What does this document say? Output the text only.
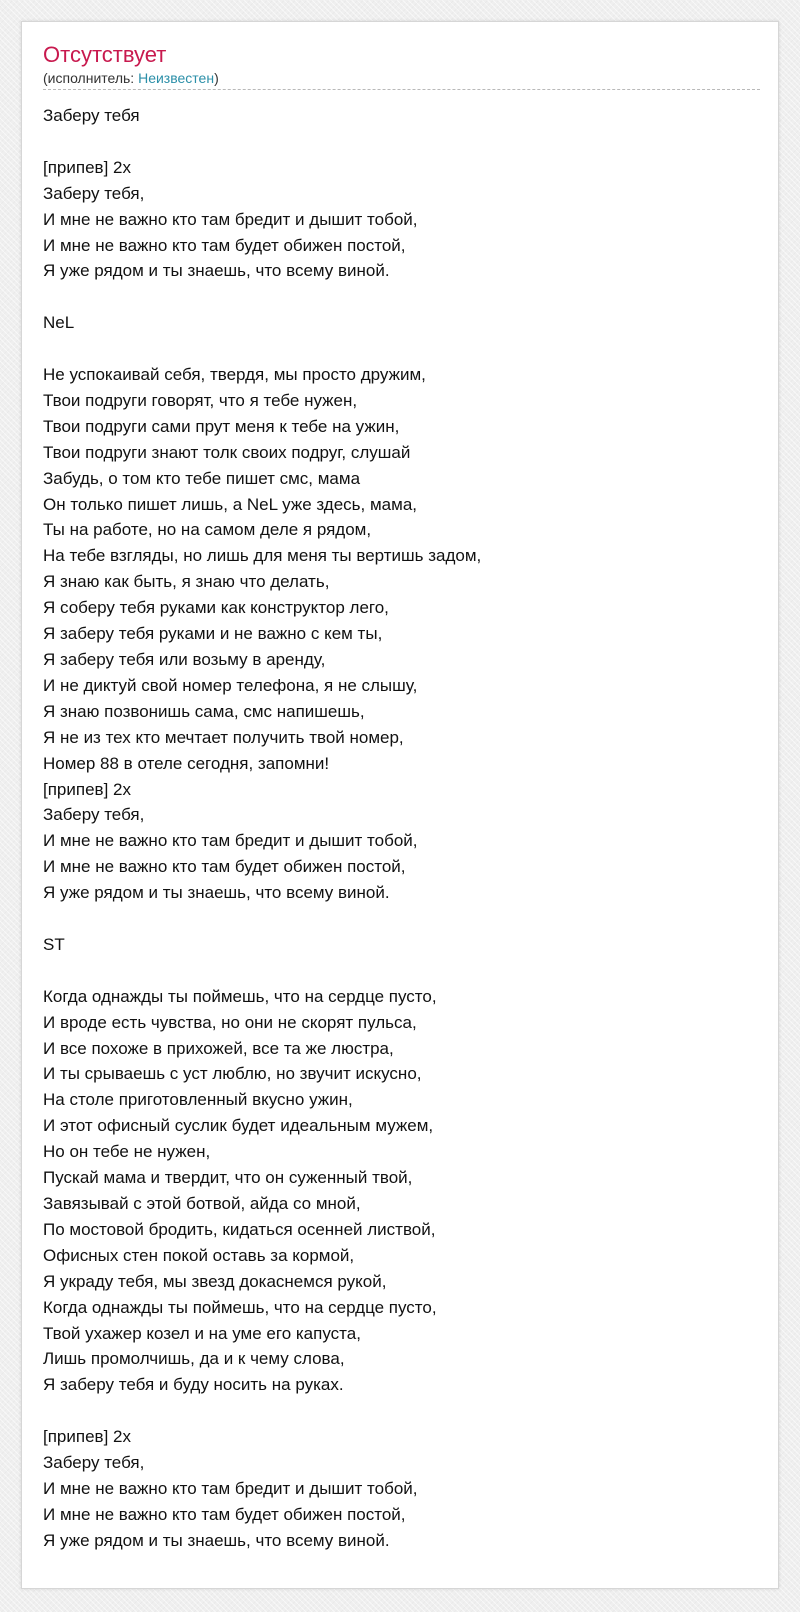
Отсутствует
(исполнитель: Неизвестен)
Заберу тебя
[припев] 2x
Заберу тебя,
И мне не важно кто там бредит и дышит тобой,
И мне не важно кто там будет обижен постой,
Я уже рядом и ты знаешь, что всему виной.
NeL
Не успокаивай себя, твердя, мы просто дружим,
Твои подруги говорят, что я тебе нужен,
Твои подруги сами прут меня к тебе на ужин,
Твои подруги знают толк своих подруг, слушай
Забудь, о том кто тебе пишет смс, мама
Он только пишет лишь, а NeL уже здесь, мама,
Ты на работе, но на самом деле я рядом,
На тебе взгляды, но лишь для меня ты вертишь задом,
Я знаю как быть, я знаю что делать,
Я соберу тебя руками как конструктор лего,
Я заберу тебя руками и не важно с кем ты,
Я заберу тебя или возьму в аренду,
И не диктуй свой номер телефона, я не слышу,
Я знаю позвонишь сама, смс напишешь,
Я не из тех кто мечтает получить твой номер,
Номер 88 в отеле сегодня, запомни!
[припев] 2x
Заберу тебя,
И мне не важно кто там бредит и дышит тобой,
И мне не важно кто там будет обижен постой,
Я уже рядом и ты знаешь, что всему виной.
ST
Когда однажды ты поймешь, что на сердце пусто,
И вроде есть чувства, но они не скорят пульса,
И все похоже в прихожей, все та же люстра,
И ты срываешь с уст люблю, но звучит искусно,
На столе приготовленный вкусно ужин,
И этот офисный суслик будет идеальным мужем,
Но он тебе не нужен,
Пускай мама и твердит, что он суженный твой,
Завязывай с этой ботвой, айда со мной,
По мостовой бродить, кидаться осенней листвой,
Офисных стен покой оставь за кормой,
Я украду тебя, мы звезд докаснемся рукой,
Когда однажды ты поймешь, что на сердце пусто,
Твой ухажер козел и на уме его капуста,
Лишь промолчишь, да и к чему слова,
Я заберу тебя и буду носить на руках.
[припев] 2x
Заберу тебя,
И мне не важно кто там бредит и дышит тобой,
И мне не важно кто там будет обижен постой,
Я уже рядом и ты знаешь, что всему виной.
